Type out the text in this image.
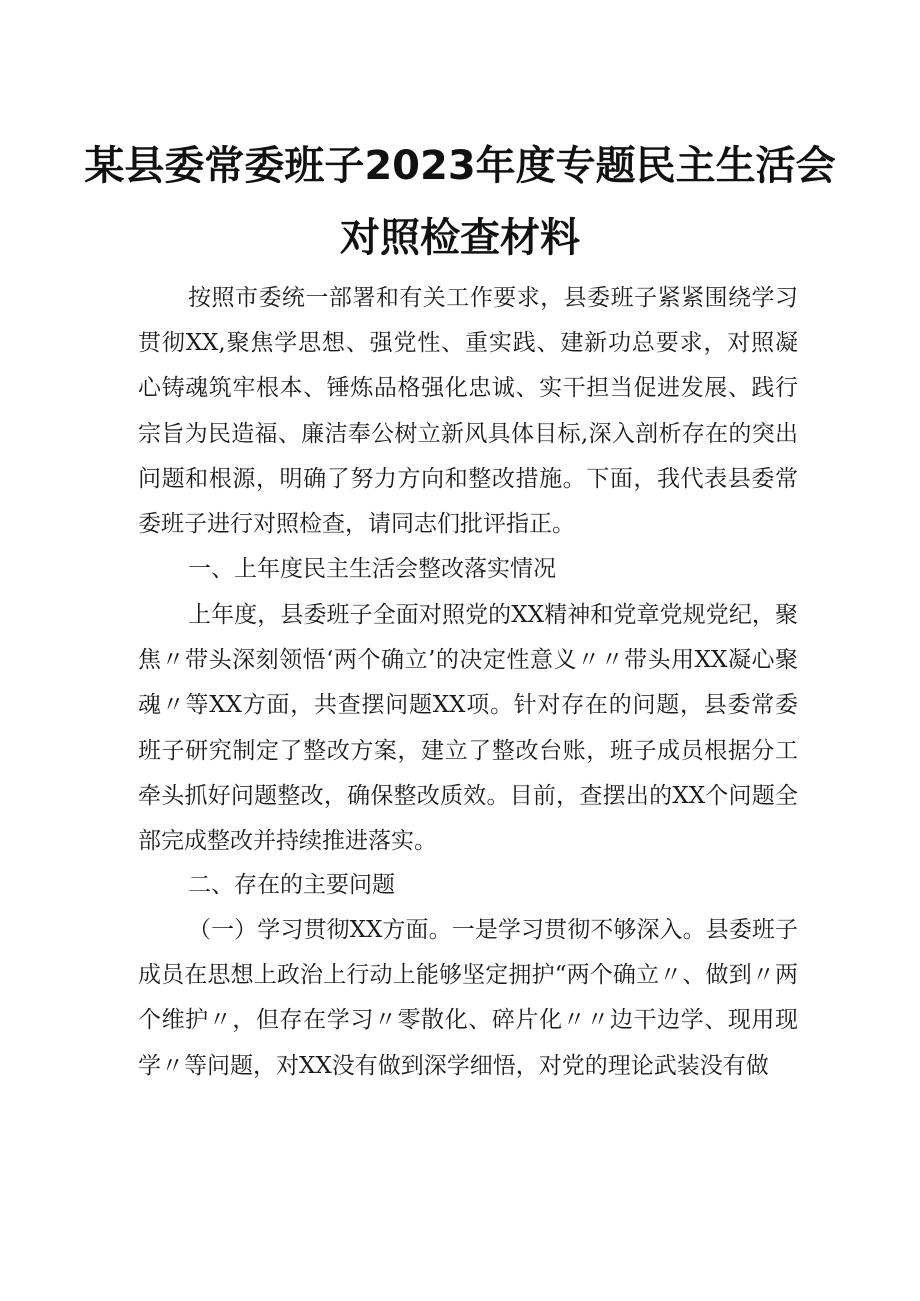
某县委常委班子2023年度专题民主生活会
对照检查材料

按照市委统一部署和有关工作要求，县委班子紧紧围绕学习贯彻XX,聚焦学思想、强党性、重实践、建新功总要求，对照凝心铸魂筑牢根本、锤炼品格强化忠诚、实干担当促进发展、践行宗旨为民造福、廉洁奉公树立新风具体目标,深入剖析存在的突出问题和根源，明确了努力方向和整改措施。下面，我代表县委常委班子进行对照检查，请同志们批评指正。

一、上年度民主生活会整改落实情况

上年度，县委班子全面对照党的XX精神和党章党规党纪，聚焦〃带头深刻领悟‘两个确立’的决定性意义〃〃带头用XX凝心聚魂〃等XX方面，共查摆问题XX项。针对存在的问题，县委常委班子研究制定了整改方案，建立了整改台账，班子成员根据分工牵头抓好问题整改，确保整改质效。目前，查摆出的XX个问题全部完成整改并持续推进落实。

二、存在的主要问题

（一）学习贯彻XX方面。一是学习贯彻不够深入。县委班子成员在思想上政治上行动上能够坚定拥护“两个确立〃、做到〃两个维护〃，但存在学习〃零散化、碎片化〃〃边干边学、现用现学〃等问题，对XX没有做到深学细悟，对党的理论武装没有做
